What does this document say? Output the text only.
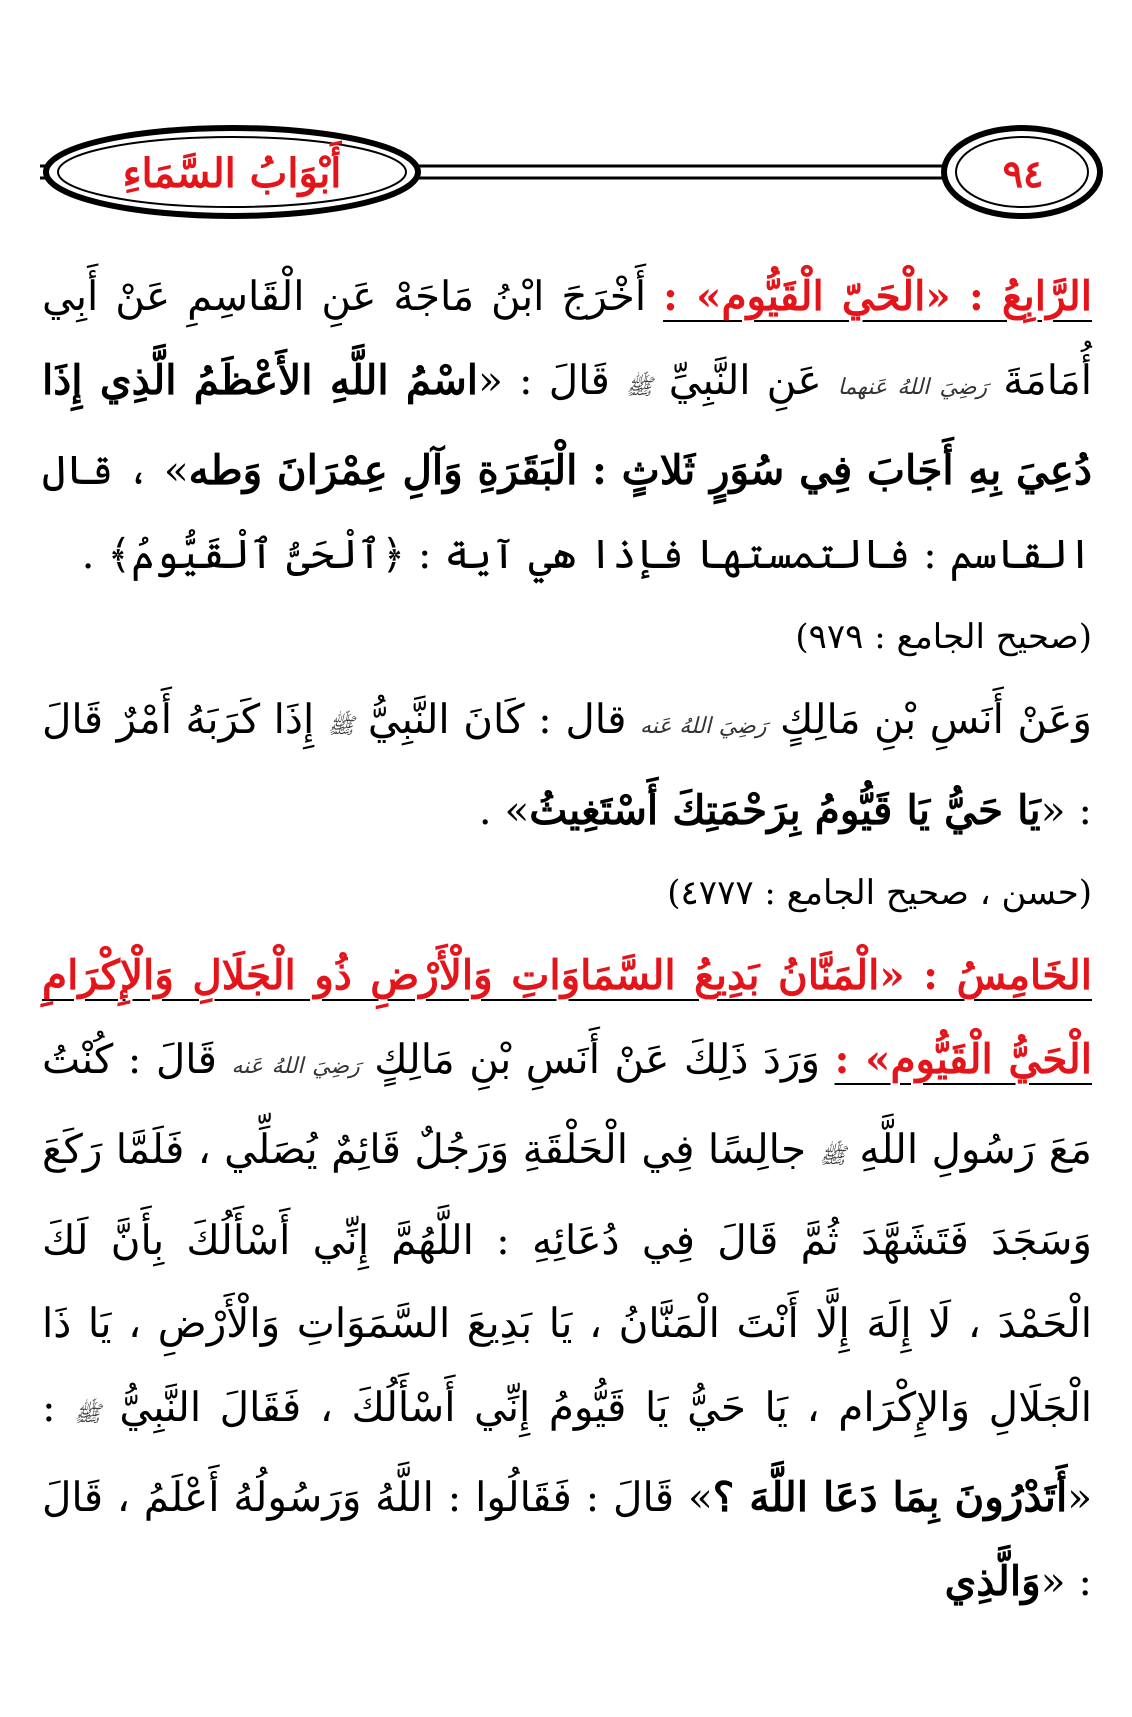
أَبْوَابُ السَّمَاءِ	٩٤

الرَّابِعُ : «الْحَيّ الْقَيُّوم» : أَخْرَجَ ابْنُ مَاجَهْ عَنِ الْقَاسِمِ عَنْ أَبِي أُمَامَةَ رَضِيَ اللهُ عَنهما عَنِ النَّبِيِّ ﷺ قَالَ : «اسْمُ اللَّهِ الأَعْظَمُ الَّذِي إِذَا دُعِيَ بِهِ أَجَابَ فِي سُوَرٍ ثَلاثٍ : الْبَقَرَةِ وَآلِ عِمْرَانَ وَطه» ، قال القاسم : فالتمستها فإذا هي آية : ﴿ٱلْحَىُّ ٱلْقَيُّومُ﴾ .

(صحيح الجامع : ٩٧٩)

وَعَنْ أَنَسِ بْنِ مَالِكٍ رَضِيَ اللهُ عَنه قال : كَانَ النَّبِيُّ ﷺ إِذَا كَرَبَهُ أَمْرٌ قَالَ : «يَا حَيُّ يَا قَيُّومُ بِرَحْمَتِكَ أَسْتَغِيثُ» .

(حسن ، صحيح الجامع : ٤٧٧٧)

الخَامِسُ : «الْمَنَّانُ بَدِيعُ السَّمَاوَاتِ وَالْأَرْضِ ذُو الْجَلَالِ وَالْإِكْرَامِ الْحَيُّ الْقَيُّوم» : وَرَدَ ذَلِكَ عَنْ أَنَسِ بْنِ مَالِكٍ رَضِيَ اللهُ عَنه قَالَ : كُنْتُ مَعَ رَسُولِ اللَّهِ ﷺ جالِسًا فِي الْحَلْقَةِ وَرَجُلٌ قَائِمٌ يُصَلِّي ، فَلَمَّا رَكَعَ وَسَجَدَ فَتَشَهَّدَ ثُمَّ قَالَ فِي دُعَائِهِ : اللَّهُمَّ إِنِّي أَسْأَلُكَ بِأَنَّ لَكَ الْحَمْدَ ، لَا إِلَهَ إِلَّا أَنْتَ الْمَنَّانُ ، يَا بَدِيعَ السَّمَوَاتِ وَالْأَرْضِ ، يَا ذَا الْجَلَالِ وَالإِكْرَام ، يَا حَيُّ يَا قَيُّومُ إِنِّي أَسْأَلُكَ ، فَقَالَ النَّبِيُّ ﷺ : «أَتَدْرُونَ بِمَا دَعَا اللَّهَ ؟» قَالَ : فَقَالُوا : اللَّهُ وَرَسُولُهُ أَعْلَمُ ، قَالَ : «وَالَّذِي
